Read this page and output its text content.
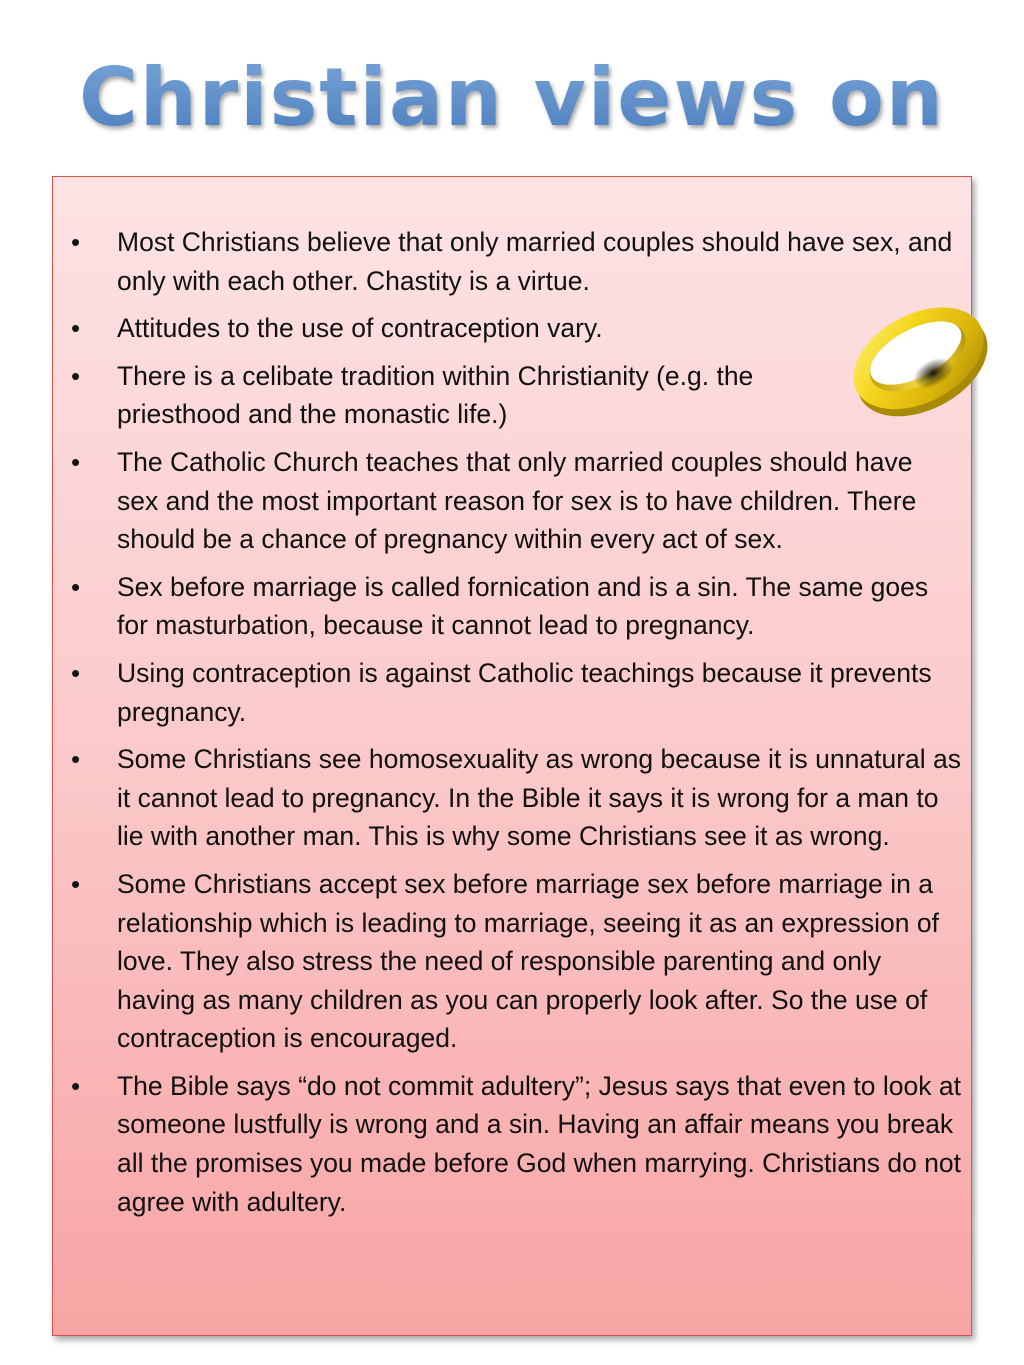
Christian views on
• Most Christians believe that only married couples should have sex, and only with each other. Chastity is a virtue.
• Attitudes to the use of contraception vary.
• There is a celibate tradition within Christianity (e.g. the priesthood and the monastic life.)
• The Catholic Church teaches that only married couples should have sex and the most important reason for sex is to have children. There should be a chance of pregnancy within every act of sex.
• Sex before marriage is called fornication and is a sin. The same goes for masturbation, because it cannot lead to pregnancy.
• Using contraception is against Catholic teachings because it prevents pregnancy.
• Some Christians see homosexuality as wrong because it is unnatural as it cannot lead to pregnancy. In the Bible it says it is wrong for a man to lie with another man. This is why some Christians see it as wrong.
• Some Christians accept sex before marriage sex before marriage in a relationship which is leading to marriage, seeing it as an expression of love. They also stress the need of responsible parenting and only having as many children as you can properly look after. So the use of contraception is encouraged.
• The Bible says “do not commit adultery”; Jesus says that even to look at someone lustfully is wrong and a sin. Having an affair means you break all the promises you made before God when marrying. Christians do not agree with adultery.
